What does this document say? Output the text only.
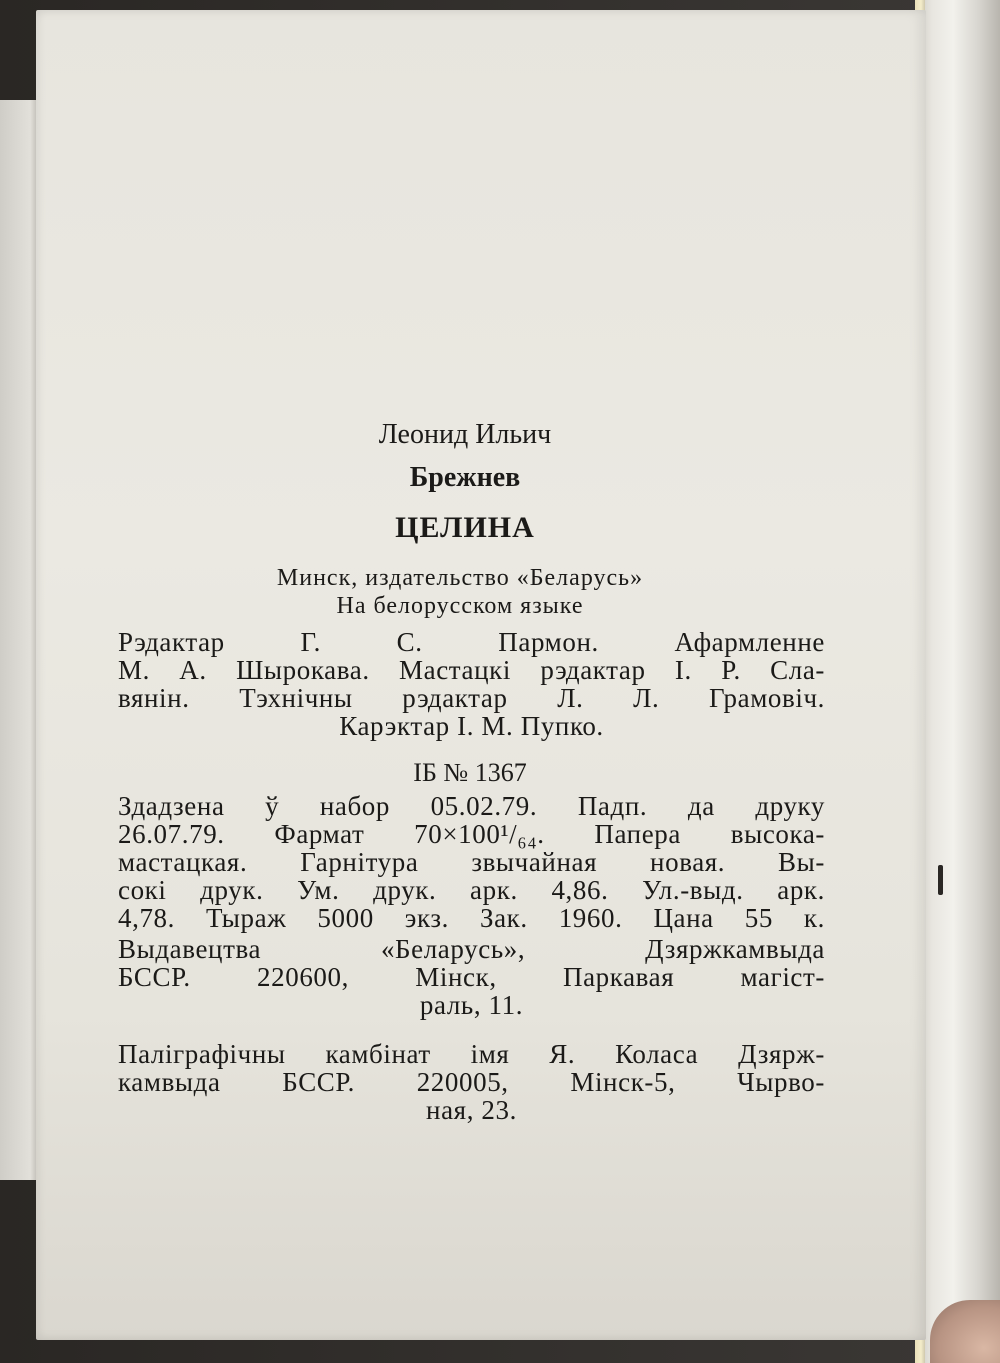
Леонид Ильич
Брежнев
ЦЕЛИНА
Минск, издательство «Беларусь»
На белорусском языке
Рэдактар Г. С. Пармон. Афармленне
М. А. Шырокава. Мастацкі рэдактар І. Р. Сла-
вянін. Тэхнічны рэдактар Л. Л. Грамовіч.
Карэктар І. М. Пупко.
ІБ № 1367
Здадзена ў набор 05.02.79. Падп. да друку
26.07.79. Фармат 70×100¹/₆₄. Папера высока-
мастацкая. Гарнітура звычайная новая. Вы-
сокі друк. Ум. друк. арк. 4,86. Ул.-выд. арк.
4,78. Тыраж 5000 экз. Зак. 1960. Цана 55 к.
Выдавецтва «Беларусь», Дзяржкамвыда
БССР. 220600, Мінск, Паркавая магіст-
раль, 11.
Паліграфічны камбінат імя Я. Коласа Дзярж-
камвыда БССР. 220005, Мінск-5, Чырво-
ная, 23.
